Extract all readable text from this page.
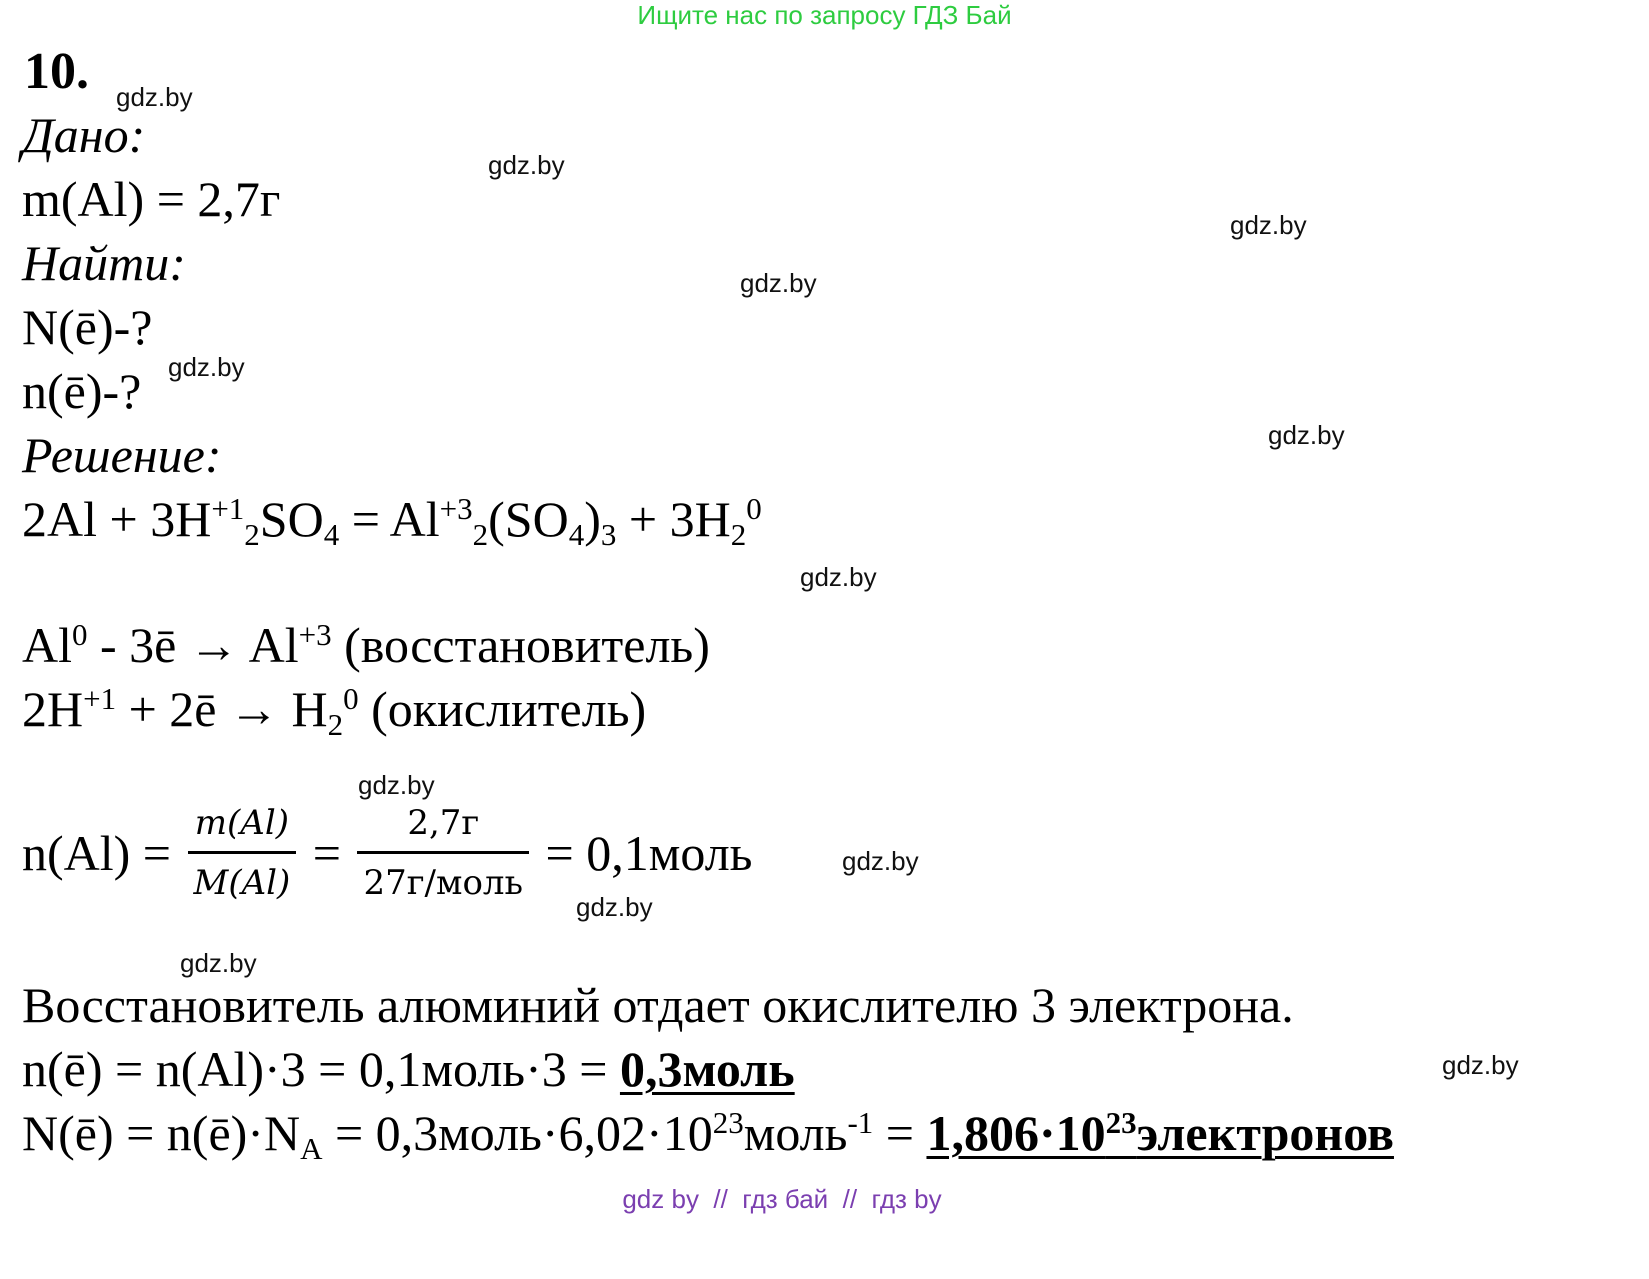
Ищите нас по запросу ГДЗ Бай
10.
Дано:
m(Al) = 2,7г
Найти:
N(ē)-?
n(ē)-?
Решение:
$2Al + 3H^{+1}_2SO_4 = Al^{+3}_2(SO_4)_3 + 3H_2^0$
Al$^0$ - 3ē → $Al^{+3}$ (восстановитель)
$2H^{+1}$ + 2ē → $H_2^0$ (окислитель)
$n(Al) = \frac{m(Al)}{M(Al)} = \frac{2,7г}{\text{27г/моль}}$ = 0,1моль
Восстановитель алюминий отдает окислителю 3 электрона.
n(ē) = n(Al)·3 = 0,1моль·3 = 0,3моль
N(ē) = $n(ē)\cdot N_A$ = $0,3моль\cdot 6,02\cdot 10^{23}моль^{-1}$ = $1,806\cdot 10^{23}электронов$
gdz.by
gdz.by
gdz.by
gdz.by
gdz.by
gdz.by
gdz.by
gdz.by
gdz.by
gdz.by
gdz.by
gdz.by
gdz by  //  гдз бай  //  гдз by
